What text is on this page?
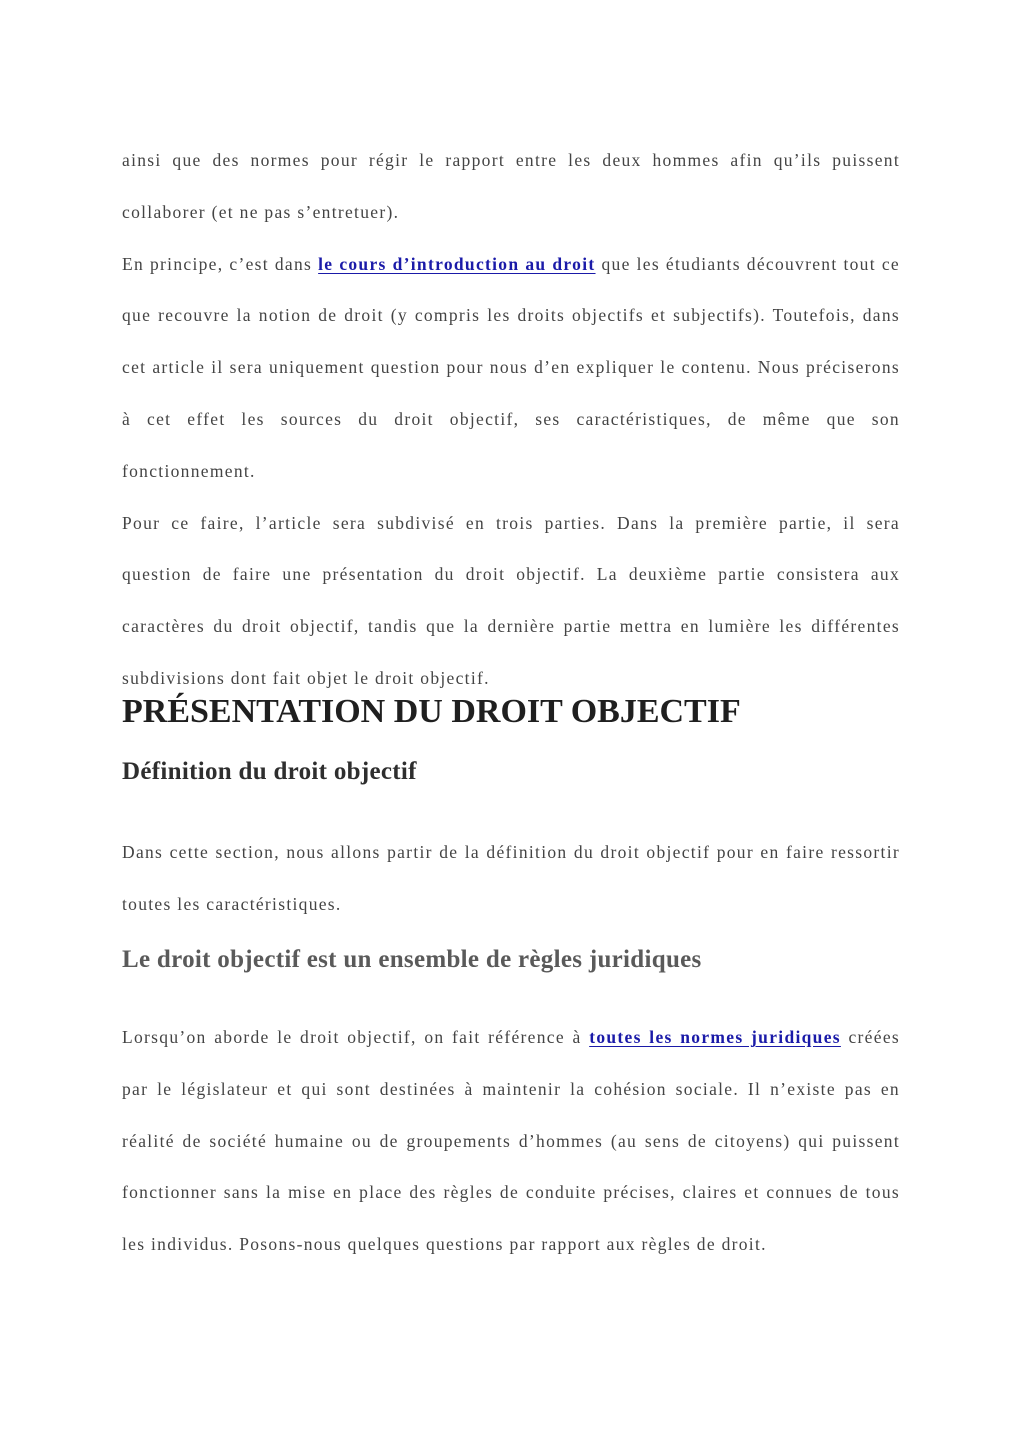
ainsi que des normes pour régir le rapport entre les deux hommes afin qu’ils puissent collaborer (et ne pas s’entretuer).

En principe, c’est dans le cours d’introduction au droit que les étudiants découvrent tout ce que recouvre la notion de droit (y compris les droits objectifs et subjectifs). Toutefois, dans cet article il sera uniquement question pour nous d’en expliquer le contenu. Nous préciserons à cet effet les sources du droit objectif, ses caractéristiques, de même que son fonctionnement.

Pour ce faire, l’article sera subdivisé en trois parties. Dans la première partie, il sera question de faire une présentation du droit objectif. La deuxième partie consistera aux caractères du droit objectif, tandis que la dernière partie mettra en lumière les différentes subdivisions dont fait objet le droit objectif.

PRÉSENTATION DU DROIT OBJECTIF
Définition du droit objectif

Dans cette section, nous allons partir de la définition du droit objectif pour en faire ressortir toutes les caractéristiques.

Le droit objectif est un ensemble de règles juridiques

Lorsqu’on aborde le droit objectif, on fait référence à toutes les normes juridiques créées par le législateur et qui sont destinées à maintenir la cohésion sociale. Il n’existe pas en réalité de société humaine ou de groupements d’hommes (au sens de citoyens) qui puissent fonctionner sans la mise en place des règles de conduite précises, claires et connues de tous les individus. Posons-nous quelques questions par rapport aux règles de droit.
